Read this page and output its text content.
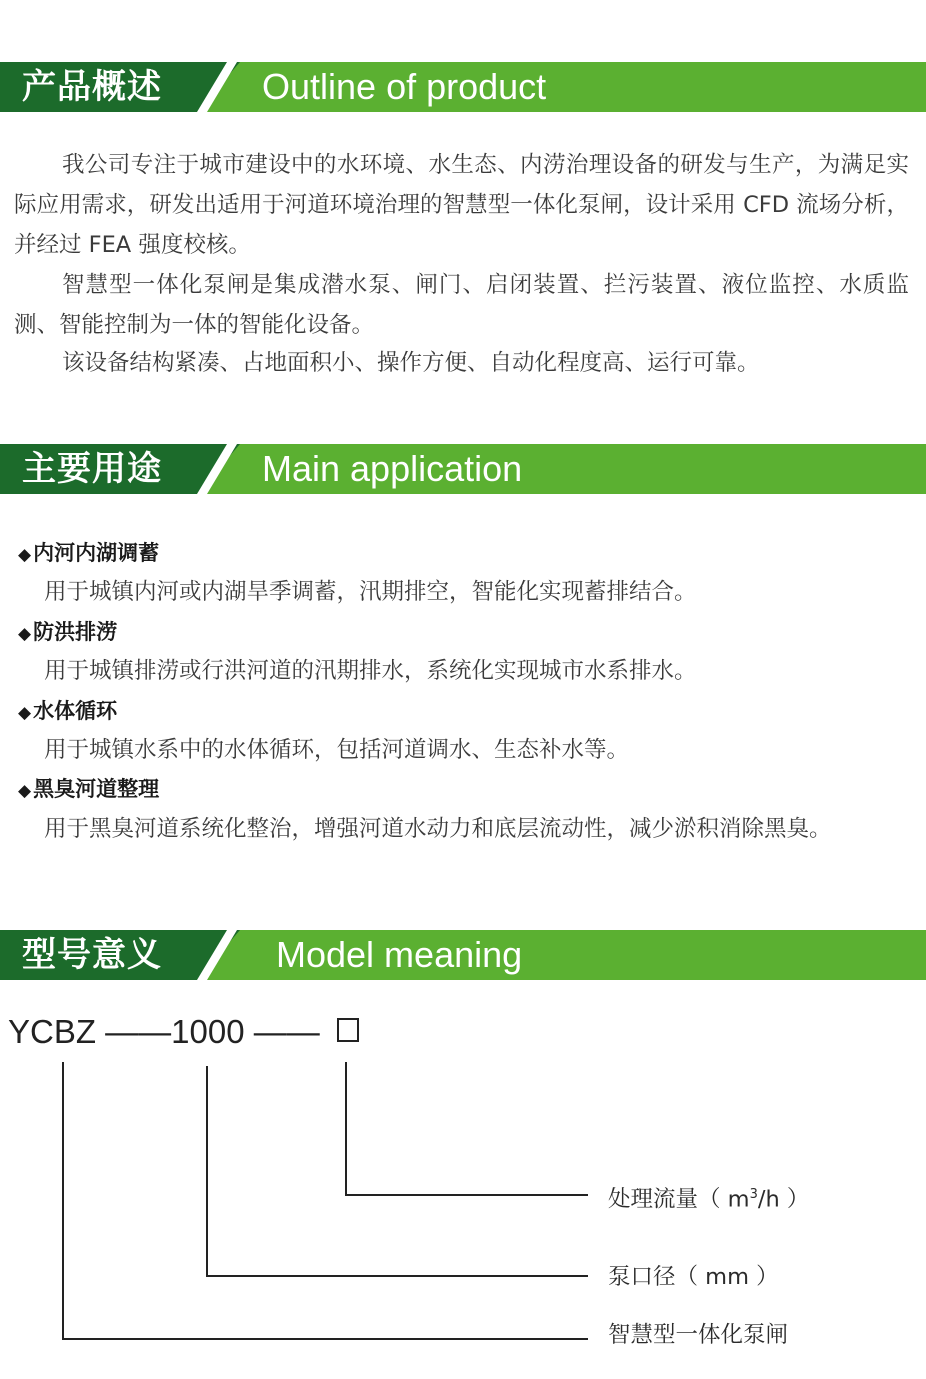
产品概述	Outline of product

我公司专注于城市建设中的水环境、水生态、内涝治理设备的研发与生产，为满足实际应用需求，研发出适用于河道环境治理的智慧型一体化泵闸，设计采用 CFD 流场分析，并经过 FEA 强度校核。

智慧型一体化泵闸是集成潜水泵、闸门、启闭装置、拦污装置、液位监控、水质监测、智能控制为一体的智能化设备。

该设备结构紧凑、占地面积小、操作方便、自动化程度高、运行可靠。

主要用途	Main application
◆内河内湖调蓄
用于城镇内河或内湖旱季调蓄，汛期排空，智能化实现蓄排结合。
◆防洪排涝
用于城镇排涝或行洪河道的汛期排水，系统化实现城市水系排水。
◆水体循环
用于城镇水系中的水体循环，包括河道调水、生态补水等。
◆黑臭河道整理
用于黑臭河道系统化整治，增强河道水动力和底层流动性，减少淤积消除黑臭。
型号意义	Model meaning
YCBZ ——1000 ——
处理流量（ $m^3/h$ ）
泵口径（ mm ）
智慧型一体化泵闸
